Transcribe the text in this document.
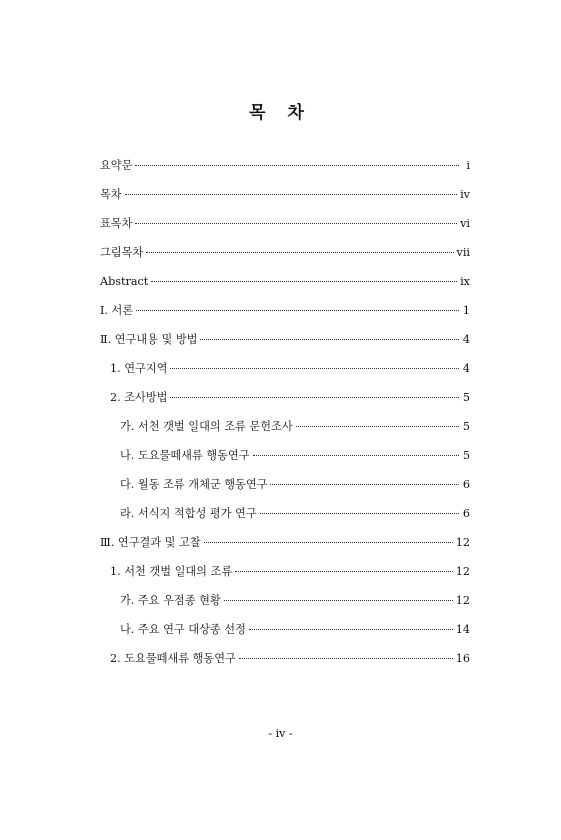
목 차
요약문	i
목차	iv
표목차	vi
그림목차	vii
Abstract	ix
Ⅰ. 서론	1
Ⅱ. 연구내용 및 방법	4
1. 연구지역	4
2. 조사방법	5
가. 서천 갯벌 일대의 조류 문헌조사	5
나. 도요물떼새류 행동연구	5
다. 월동 조류 개체군 행동연구	6
라. 서식지 적합성 평가 연구	6
Ⅲ. 연구결과 및 고찰	12
1. 서천 갯벌 일대의 조류	12
가. 주요 우점종 현황	12
나. 주요 연구 대상종 선정	14
2. 도요물떼새류 행동연구	16
- iv -
